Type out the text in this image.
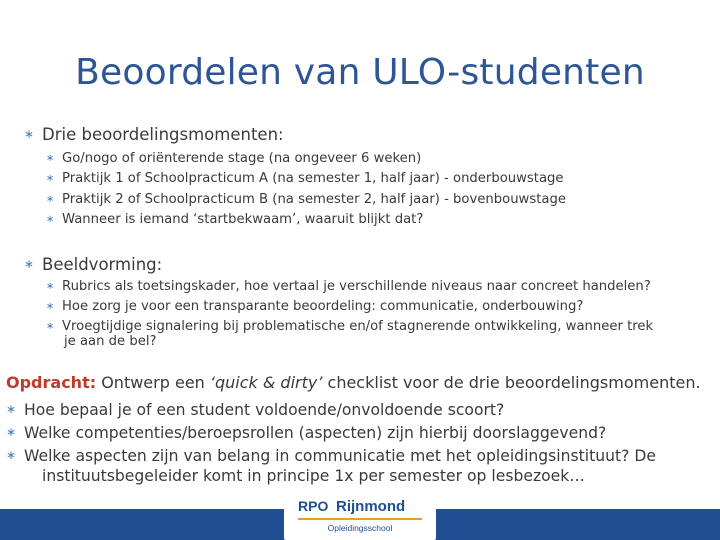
Beoordelen van ULO-studenten
∗ Drie beoordelingsmomenten:
∗ Go/nogo of oriënterende stage (na ongeveer 6 weken)
∗ Praktijk 1 of Schoolpracticum A (na semester 1, half jaar) - onderbouwstage
∗ Praktijk 2 of Schoolpracticum B (na semester 2, half jaar) - bovenbouwstage
∗ Wanneer is iemand ‘startbekwaam’, waaruit blijkt dat?
∗ Beeldvorming:
∗ Rubrics als toetsingskader, hoe vertaal je verschillende niveaus naar concreet handelen?
∗ Hoe zorg je voor een transparante beoordeling: communicatie, onderbouwing?
∗ Vroegtijdige signalering bij problematische en/of stagnerende ontwikkeling, wanneer trek
je aan de bel?
Opdracht: Ontwerp een ‘quick & dirty’ checklist voor de drie beoordelingsmomenten.
∗ Hoe bepaal je of een student voldoende/onvoldoende scoort?
∗ Welke competenties/beroepsrollen (aspecten) zijn hierbij doorslaggevend?
∗ Welke aspecten zijn van belang in communicatie met het opleidingsinstituut? De
instituutsbegeleider komt in principe 1x per semester op lesbezoek…
RPO Rijnmond
Opleidingsschool
